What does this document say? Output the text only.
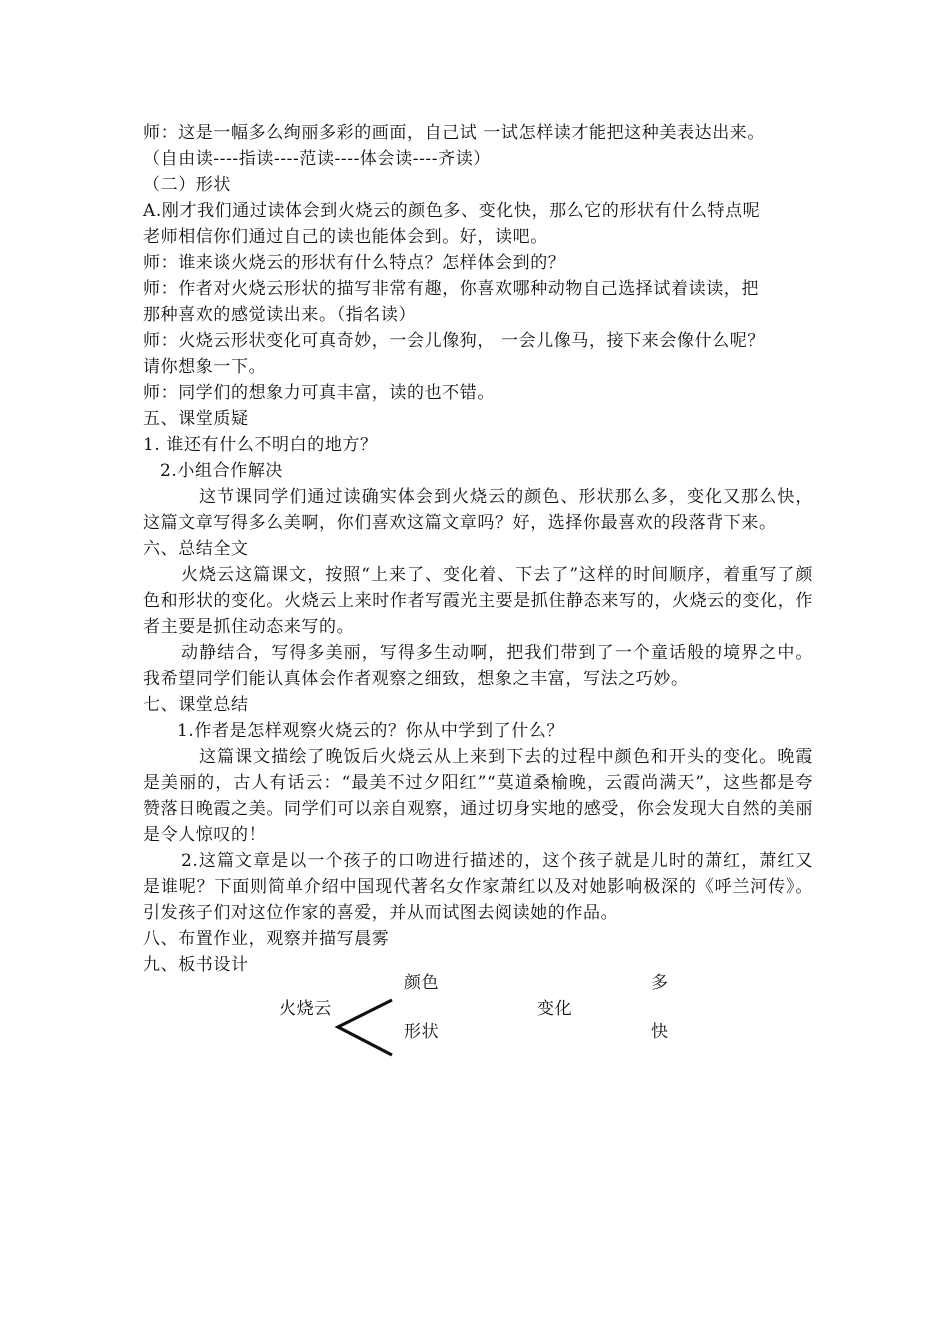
师：这是一幅多么绚丽多彩的画面，自己试 一试怎样读才能把这种美表达出来。

（自由读----指读----范读----体会读----齐读）

（二）形状

A.刚才我们通过读体会到火烧云的颜色多、变化快，那么它的形状有什么特点呢

老师相信你们通过自己的读也能体会到。好，读吧。

师：谁来谈火烧云的形状有什么特点？怎样体会到的？

师：作者对火烧云形状的描写非常有趣，你喜欢哪种动物自己选择试着读读，把

那种喜欢的感觉读出来。（指名读）

师：火烧云形状变化可真奇妙，一会儿像狗， 一会儿像马，接下来会像什么呢？

请你想象一下。

师：同学们的想象力可真丰富，读的也不错。

五、课堂质疑

1. 谁还有什么不明白的地方？

2.小组合作解决

这节课同学们通过读确实体会到火烧云的颜色、形状那么多，变化又那么快，这篇文章写得多么美啊，你们喜欢这篇文章吗？好，选择你最喜欢的段落背下来。

六、总结全文

火烧云这篇课文，按照“上来了、变化着、下去了”这样的时间顺序，着重写了颜色和形状的变化。火烧云上来时作者写霞光主要是抓住静态来写的，火烧云的变化，作者主要是抓住动态来写的。

动静结合，写得多美丽，写得多生动啊，把我们带到了一个童话般的境界之中。我希望同学们能认真体会作者观察之细致，想象之丰富，写法之巧妙。

七、课堂总结

1.作者是怎样观察火烧云的？你从中学到了什么？

这篇课文描绘了晚饭后火烧云从上来到下去的过程中颜色和开头的变化。晚霞是美丽的，古人有话云：“最美不过夕阳红”“莫道桑榆晚，云霞尚满天”，这些都是夸赞落日晚霞之美。同学们可以亲自观察，通过切身实地的感受，你会发现大自然的美丽是令人惊叹的！

2.这篇文章是以一个孩子的口吻进行描述的，这个孩子就是儿时的萧红，萧红又是谁呢？下面则简单介绍中国现代著名女作家萧红以及对她影响极深的《呼兰河传》。引发孩子们对这位作家的喜爱，并从而试图去阅读她的作品。

八、布置作业，观察并描写晨雾

九、板书设计

火烧云
颜色
形状
变化
多
快
